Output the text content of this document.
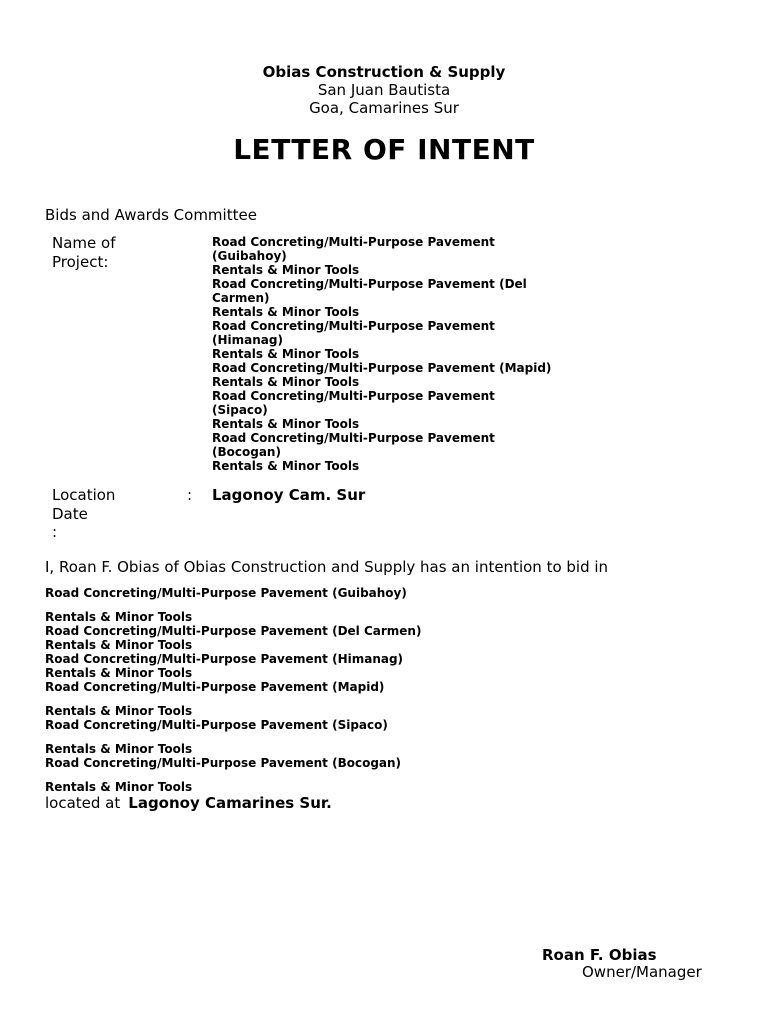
Obias Construction & Supply
San Juan Bautista
Goa, Camarines Sur
LETTER OF INTENT
Bids and Awards Committee
Name of
Project:
Road Concreting/Multi-Purpose Pavement
(Guibahoy)
Rentals & Minor Tools
Road Concreting/Multi-Purpose Pavement (Del
Carmen)
Rentals & Minor Tools
Road Concreting/Multi-Purpose Pavement
(Himanag)
Rentals & Minor Tools
Road Concreting/Multi-Purpose Pavement (Mapid)
Rentals & Minor Tools
Road Concreting/Multi-Purpose Pavement
(Sipaco)
Rentals & Minor Tools
Road Concreting/Multi-Purpose Pavement
(Bocogan)
Rentals & Minor Tools
Location	: Lagonoy Cam. Sur
Date
:
I, Roan F. Obias of Obias Construction and Supply has an intention to bid in
Road Concreting/Multi-Purpose Pavement (Guibahoy)
Rentals & Minor Tools
Road Concreting/Multi-Purpose Pavement (Del Carmen)
Rentals & Minor Tools
Road Concreting/Multi-Purpose Pavement (Himanag)
Rentals & Minor Tools
Road Concreting/Multi-Purpose Pavement (Mapid)
Rentals & Minor Tools
Road Concreting/Multi-Purpose Pavement (Sipaco)
Rentals & Minor Tools
Road Concreting/Multi-Purpose Pavement (Bocogan)
Rentals & Minor Tools
located at Lagonoy Camarines Sur.
Roan F. Obias
Owner/Manager
